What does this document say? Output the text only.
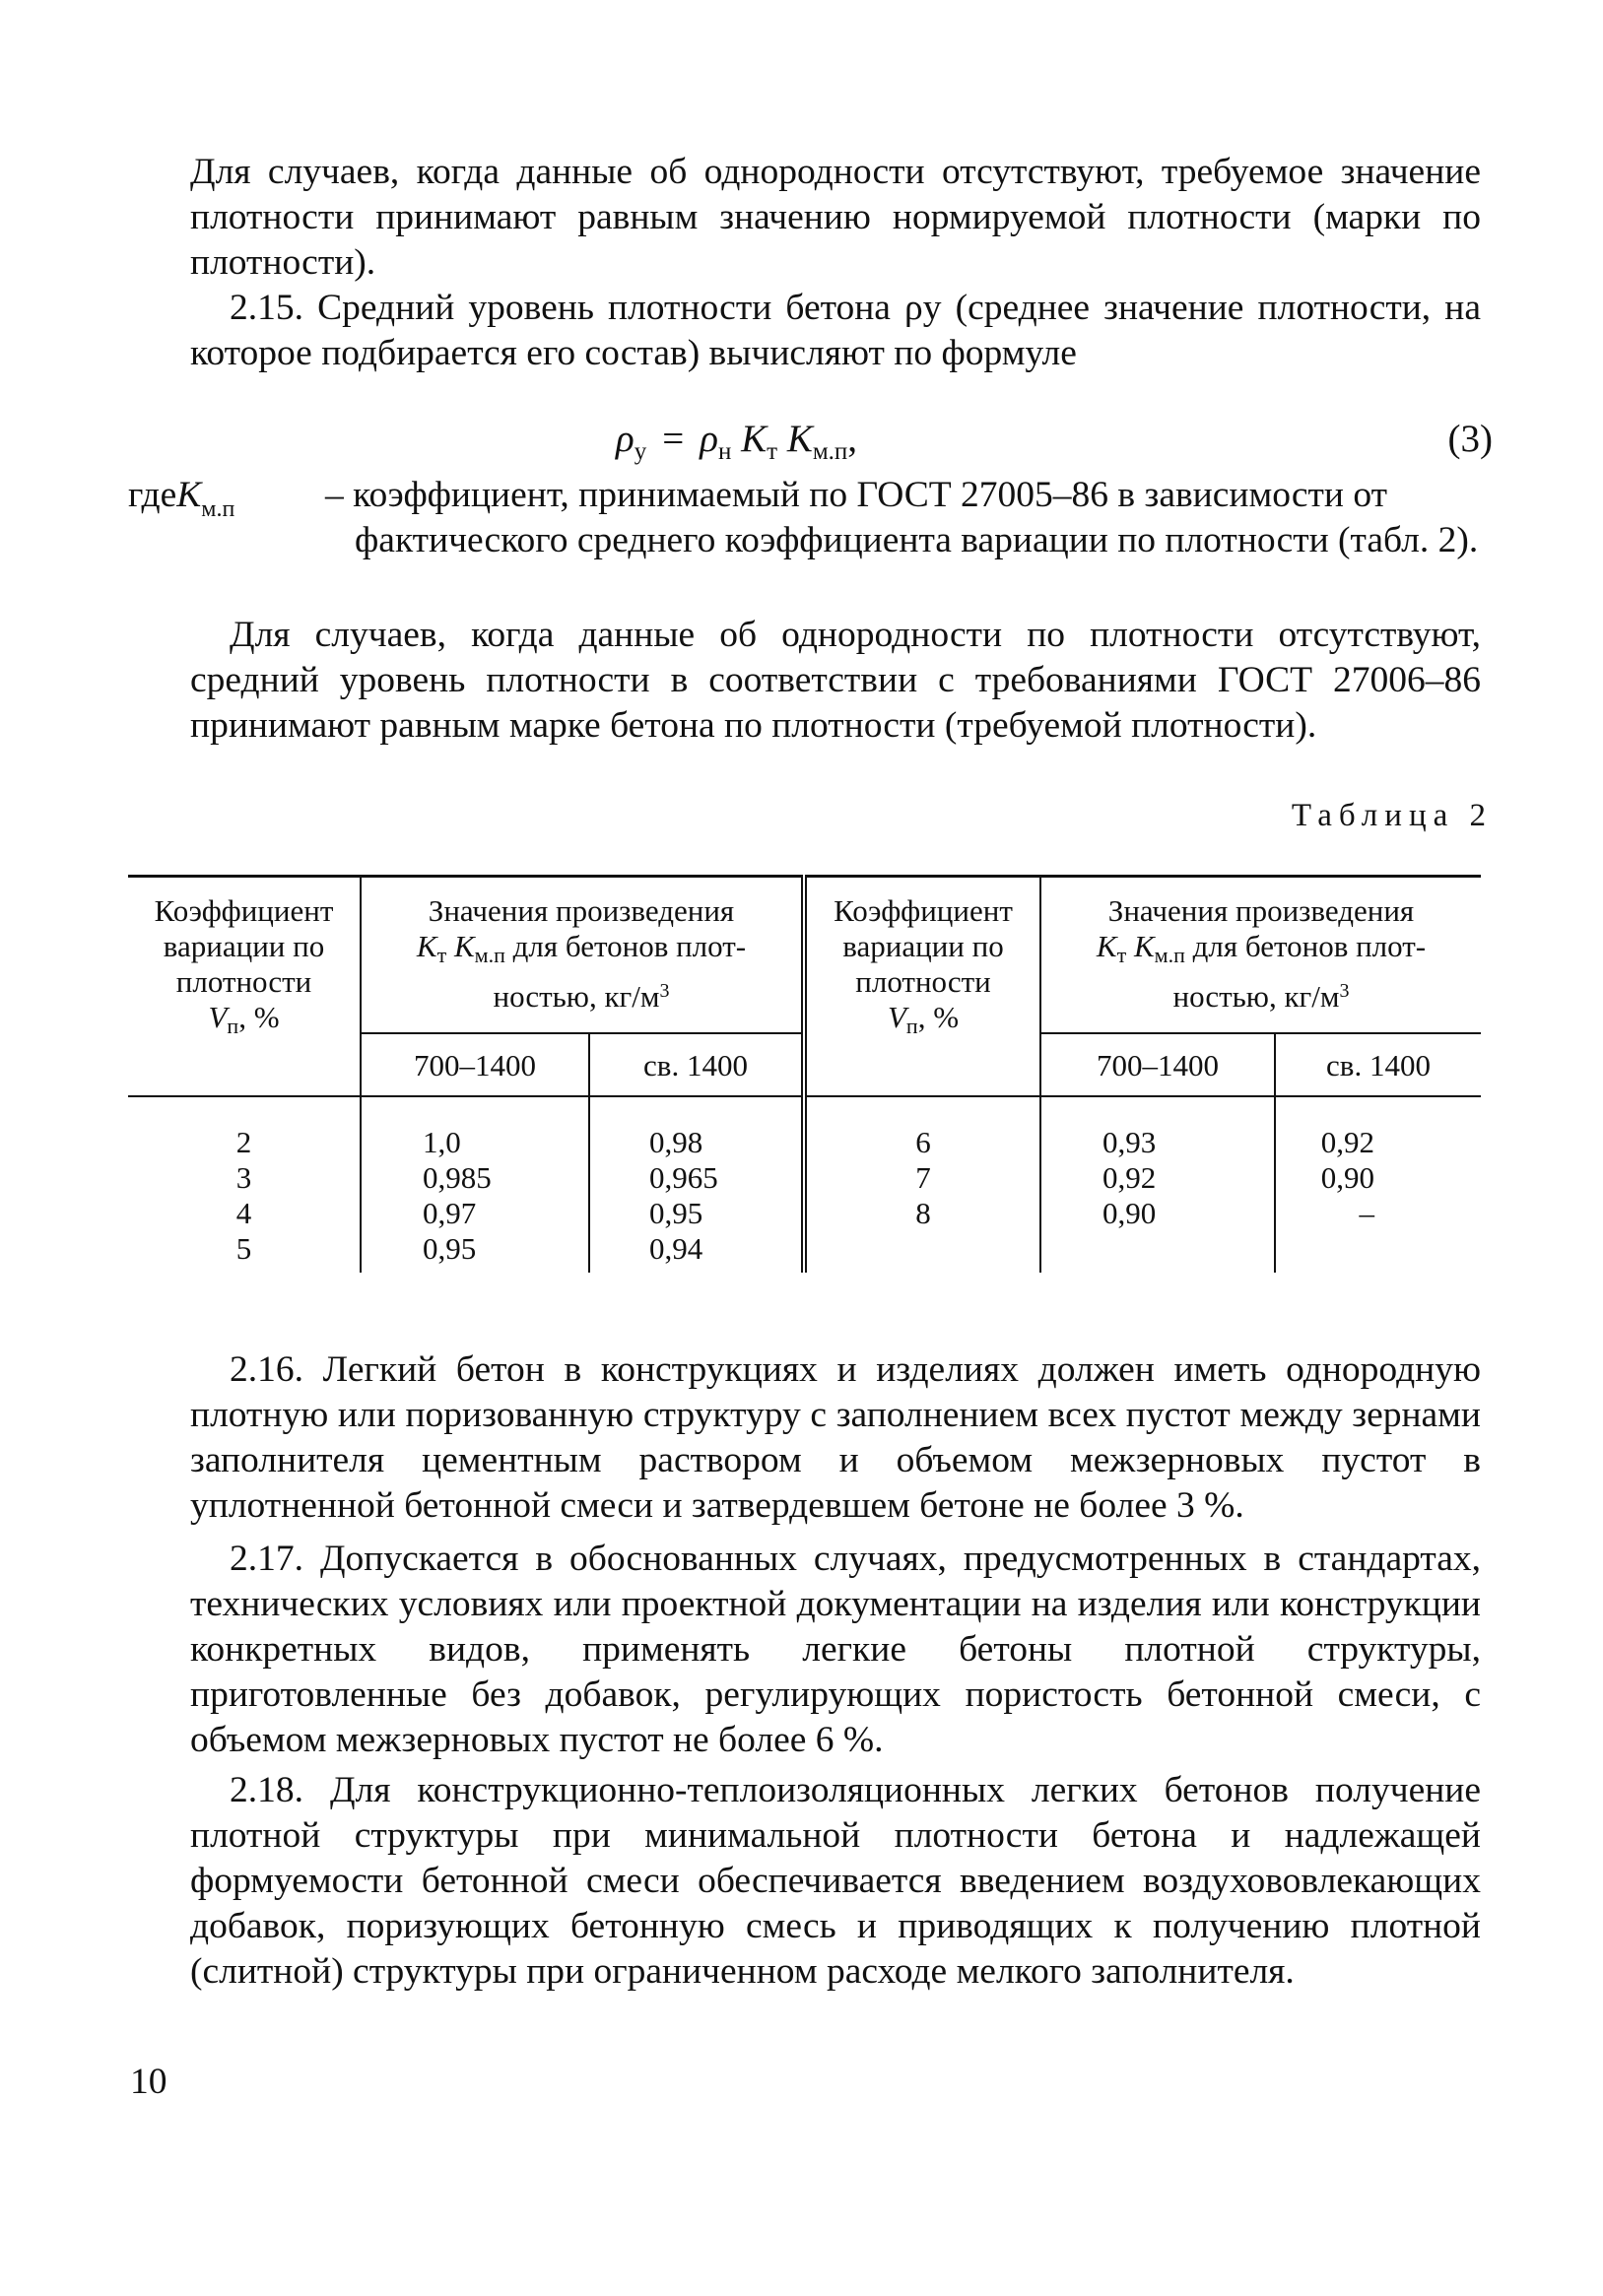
Для случаев, когда данные об однородности отсутствуют, требуемое значение плотности принимают равным значению нормируемой плотности (марки по плотности).

2.15. Средний уровень плотности бетона ρу (среднее значение плотности, на которое подбирается его состав) вычисляют по формуле

$\rho_у = \rho_н$ $K_т$ $K_{м.п}$,	(3)
гдеK$_{м.п}$ – коэффициент, принимаемый по ГОСТ 27005–86 в зависимости от фактического среднего коэффициента вариации по плотности (табл. 2).

Для случаев, когда данные об однородности по плотности отсутствуют, средний уровень плотности в соответствии с требованиями ГОСТ 27006–86 принимают равным марке бетона по плотности (требуемой плотности).

Таблица 2
Коэффициент
вариации по
плотности
$V_п$, %	Значения произведения
$K_т$ $K_{м.п}$ для бетонов плот-
ностью, $кг/м^3$		Коэффициент
вариации по
плотности
$V_п$, %	Значения произведения
$K_т$ $K_{м.п}$ для бетонов плот-
ностью, $кг/м^3$
	700–1400	св. 1400		700–1400	св. 1400
2	1,0	0,98	6	0,93	0,92
3	0,985	0,965	7	0,92	0,90
4	0,97	0,95	8	0,90	–
5	0,95	0,94			

2.16. Легкий бетон в конструкциях и изделиях должен иметь однородную плотную или поризованную структуру с заполнением всех пустот между зернами заполнителя цементным раствором и объемом межзерновых пустот в уплотненной бетонной смеси и затвердевшем бетоне не более 3 %.

2.17. Допускается в обоснованных случаях, предусмотренных в стандартах, технических условиях или проектной документации на изделия или конструкции конкретных видов, применять легкие бетоны плотной структуры, приготовленные без добавок, регулирующих пористость бетонной смеси, с объемом межзерновых пустот не более 6 %.

2.18. Для конструкционно-теплоизоляционных легких бетонов получение плотной структуры при минимальной плотности бетона и надлежащей формуемости бетонной смеси обеспечивается введением воздухововлекающих добавок, поризующих бетонную смесь и приводящих к получению плотной (слитной) структуры при ограниченном расходе мелкого заполнителя.

10
